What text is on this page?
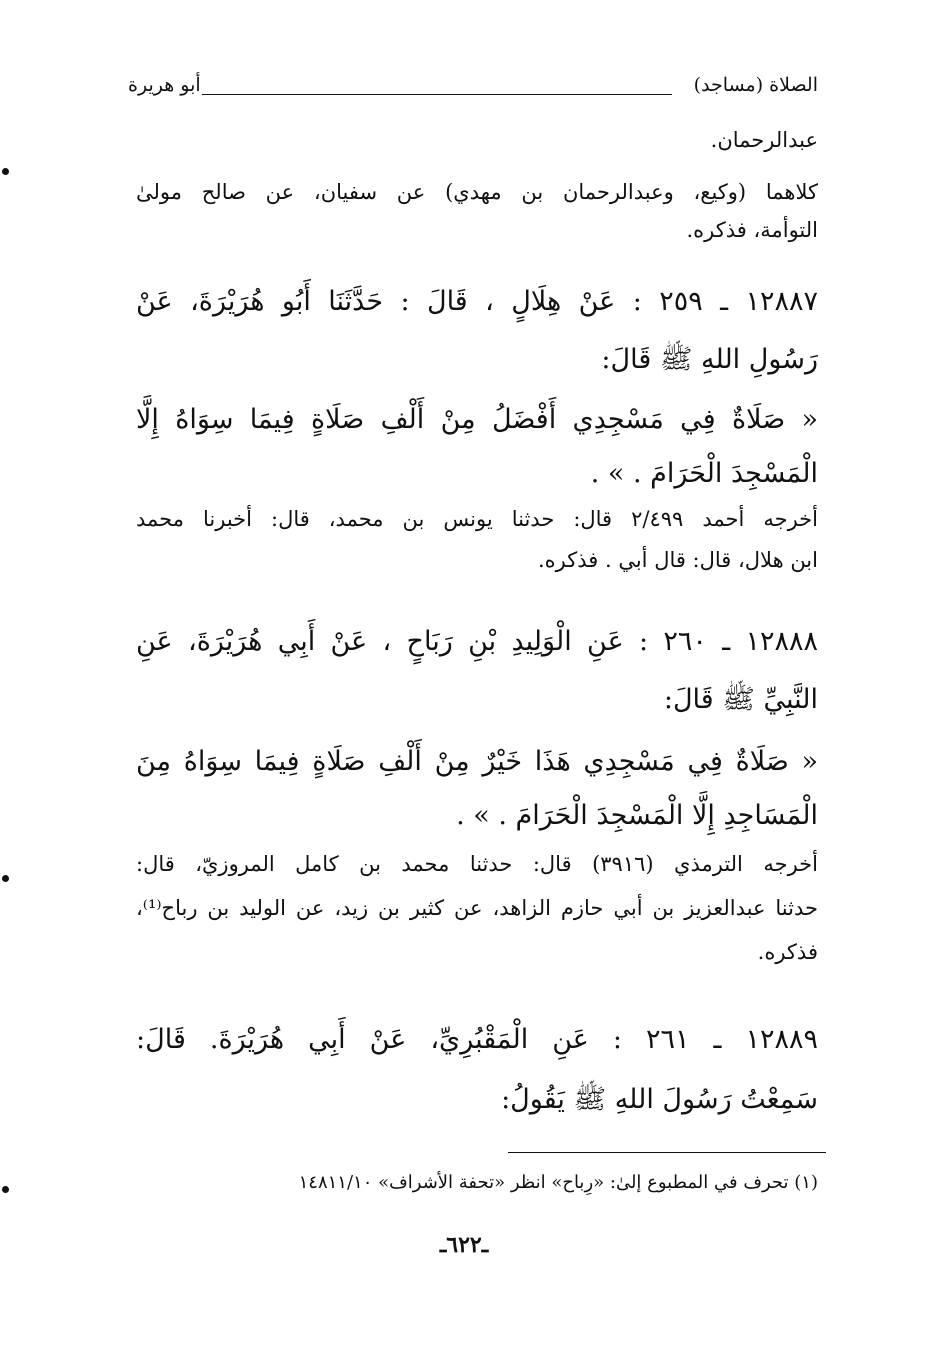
الصلاة (مساجد)
أبو هريرة
عبدالرحمان.
كلاهما (وكيع، وعبدالرحمان بن مهدي) عن سفيان، عن صالح مولىٰ
التوأمة، فذكره.
١٢٨٨٧ ـ ٢٥٩ : عَنْ هِلَالٍ ، قَالَ : حَدَّثَنَا أَبُو هُرَيْرَةَ، عَنْ
رَسُولِ اللهِ ﷺ قَالَ:
« صَلَاةٌ فِي مَسْجِدِي أَفْضَلُ مِنْ أَلْفِ صَلَاةٍ فِيمَا سِوَاهُ إِلَّا
الْمَسْجِدَ الْحَرَامَ . » .
أخرجه أحمد ٢/٤٩٩ قال: حدثنا يونس بن محمد، قال: أخبرنا محمد
ابن هلال، قال: قال أبي . فذكره.
١٢٨٨٨ ـ ٢٦٠ : عَنِ الْوَلِيدِ بْنِ رَبَاحٍ ، عَنْ أَبِي هُرَيْرَةَ، عَنِ
النَّبِيِّ ﷺ قَالَ:
« صَلَاةٌ فِي مَسْجِدِي هَذَا خَيْرٌ مِنْ أَلْفِ صَلَاةٍ فِيمَا سِوَاهُ مِنَ
الْمَسَاجِدِ إِلَّا الْمَسْجِدَ الْحَرَامَ . » .
أخرجه الترمذي (٣٩١٦) قال: حدثنا محمد بن كامل المروزيّ، قال:
حدثنا عبدالعزيز بن أبي حازم الزاهد، عن كثير بن زيد، عن الوليد بن رباح⁽¹⁾،
فذكره.
١٢٨٨٩ ـ ٢٦١ : عَنِ الْمَقْبُرِيِّ، عَنْ أَبِي هُرَيْرَةَ. قَالَ:
سَمِعْتُ رَسُولَ اللهِ ﷺ يَقُولُ:
(١) تحرف في المطبوع إلىٰ: «رِباح» انظر «تحفة الأشراف» ١٤٨١١/١٠
ـ٦٢٢ـ
